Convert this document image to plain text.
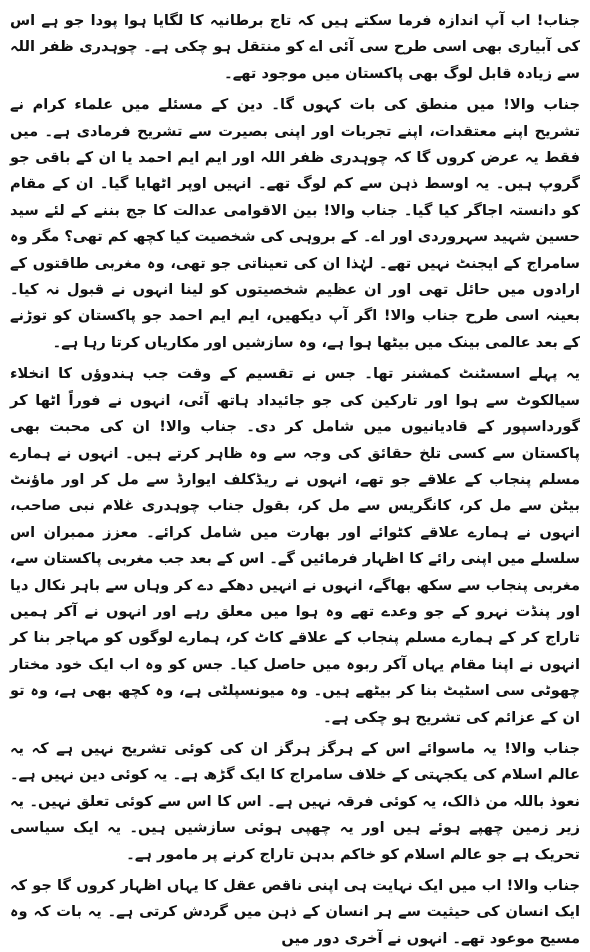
جناب! اب آپ اندازہ فرما سکتے ہیں کہ تاج برطانیہ کا لگایا ہوا پودا جو ہے اس کی آبیاری بھی اسی طرح سی آئی اے کو منتقل ہو چکی ہے۔ چوہدری ظفر اللہ سے زیادہ قابل لوگ بھی پاکستان میں موجود تھے۔

جناب والا! میں منطق کی بات کہوں گا۔ دین کے مسئلے میں علماء کرام نے تشریح اپنے معتقدات، اپنے تجربات اور اپنی بصیرت سے تشریح فرمادی ہے۔ میں فقط یہ عرض کروں گا کہ چوہدری ظفر اللہ اور ایم ایم احمد یا ان کے باقی جو گروپ ہیں۔ یہ اوسط ذہن سے کم لوگ تھے۔ انہیں اوپر اٹھایا گیا۔ ان کے مقام کو دانستہ اجاگر کیا گیا۔ جناب والا! بین الاقوامی عدالت کا جج بننے کے لئے سید حسین شہید سہروردی اور اے۔ کے بروہی کی شخصیت کیا کچھ کم تھی؟ مگر وہ سامراج کے ایجنٹ نہیں تھے۔ لہٰذا ان کی تعیناتی جو تھی، وہ مغربی طاقتوں کے ارادوں میں حائل تھی اور ان عظیم شخصیتوں کو لینا انہوں نے قبول نہ کیا۔ بعینہ اسی طرح جناب والا! اگر آپ دیکھیں، ایم ایم احمد جو پاکستان کو توڑنے کے بعد عالمی بینک میں بیٹھا ہوا ہے، وہ سازشیں اور مکاریاں کرتا رہا ہے۔

یہ پہلے اسسٹنٹ کمشنر تھا۔ جس نے تقسیم کے وقت جب ہندوؤں کا انخلاء سیالکوٹ سے ہوا اور تارکین کی جو جائیداد ہاتھ آئی، انہوں نے فوراً اٹھا کر گورداسپور کے قادیانیوں میں شامل کر دی۔ جناب والا! ان کی محبت بھی پاکستان سے کسی تلخ حقائق کی وجہ سے وہ ظاہر کرتے ہیں۔ انہوں نے ہمارے مسلم پنجاب کے علاقے جو تھے، انہوں نے ریڈکلف ایوارڈ سے مل کر اور ماؤنٹ بیٹن سے مل کر، کانگریس سے مل کر، بقول جناب چوہدری غلام نبی صاحب، انہوں نے ہمارے علاقے کٹوائے اور بھارت میں شامل کرائے۔ معزز ممبران اس سلسلے میں اپنی رائے کا اظہار فرمائیں گے۔ اس کے بعد جب مغربی پاکستان سے، مغربی پنجاب سے سکھ بھاگے، انہوں نے انہیں دھکے دے کر وہاں سے باہر نکال دیا اور پنڈت نہرو کے جو وعدے تھے وہ ہوا میں معلق رہے اور انہوں نے آکر ہمیں تاراج کر کے ہمارے مسلم پنجاب کے علاقے کاٹ کر، ہمارے لوگوں کو مہاجر بنا کر انہوں نے اپنا مقام یہاں آکر ربوہ میں حاصل کیا۔ جس کو وہ اب ایک خود مختار چھوٹی سی اسٹیٹ بنا کر بیٹھے ہیں۔ وہ میونسپلٹی ہے، وہ کچھ بھی ہے، وہ تو ان کے عزائم کی تشریح ہو چکی ہے۔

جناب والا! یہ ماسوائے اس کے ہرگز ہرگز ان کی کوئی تشریح نہیں ہے کہ یہ عالم اسلام کی یکجہتی کے خلاف سامراج کا ایک گڑھ ہے۔ یہ کوئی دین نہیں ہے۔ نعوذ باللہ من ذالک، یہ کوئی فرقہ نہیں ہے۔ اس کا اس سے کوئی تعلق نہیں۔ یہ زیر زمین چھپے ہوئے ہیں اور یہ چھپی ہوئی سازشیں ہیں۔ یہ ایک سیاسی تحریک ہے جو عالم اسلام کو خاکم بدہن تاراج کرنے پر مامور ہے۔

جناب والا! اب میں ایک نہایت ہی اپنی ناقص عقل کا یہاں اظہار کروں گا جو کہ ایک انسان کی حیثیت سے ہر انسان کے ذہن میں گردش کرتی ہے۔ یہ بات کہ وہ مسیح موعود تھے۔ انہوں نے آخری دور میں
